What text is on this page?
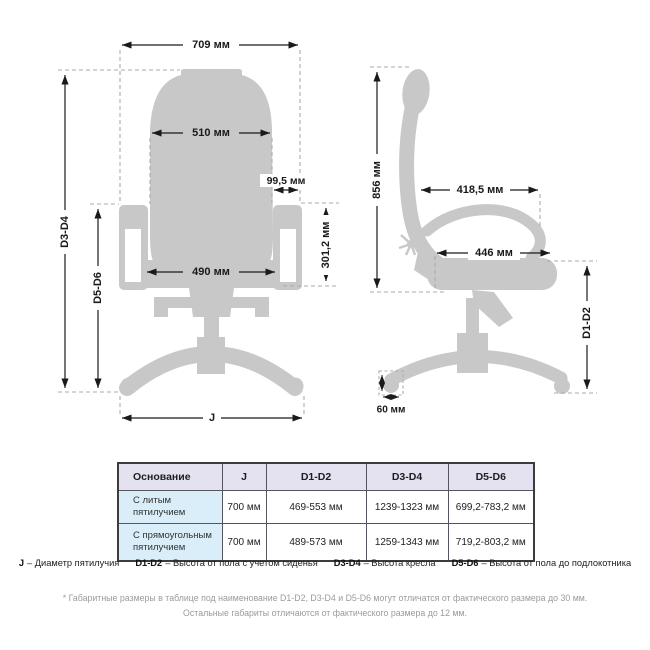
709 мм
510 мм
99,5 мм
301,2 мм
490 мм
D3-D4
D5-D6
J
856 мм	418,5 мм
446 мм
D1-D2
60 мм
Основание	J	D1-D2	D3-D4	D5-D6
С литым пятилучием	700 мм	469-553 мм	1239-1323 мм	699,2-783,2 мм
С прямоугольным пятилучием	700 мм	489-573 мм	1259-1343 мм	719,2-803,2 мм
J – Диаметр пятилучия D1-D2 – Высота от пола с учетом сиденья D3-D4 – Высота кресла D5-D6 – Высота от пола до подлокотника
* Габаритные размеры в таблице под наименование D1-D2, D3-D4 и D5-D6 могут отличатся от фактического размера до 30 мм.
Остальные габариты отличаются от фактического размера до 12 мм.
